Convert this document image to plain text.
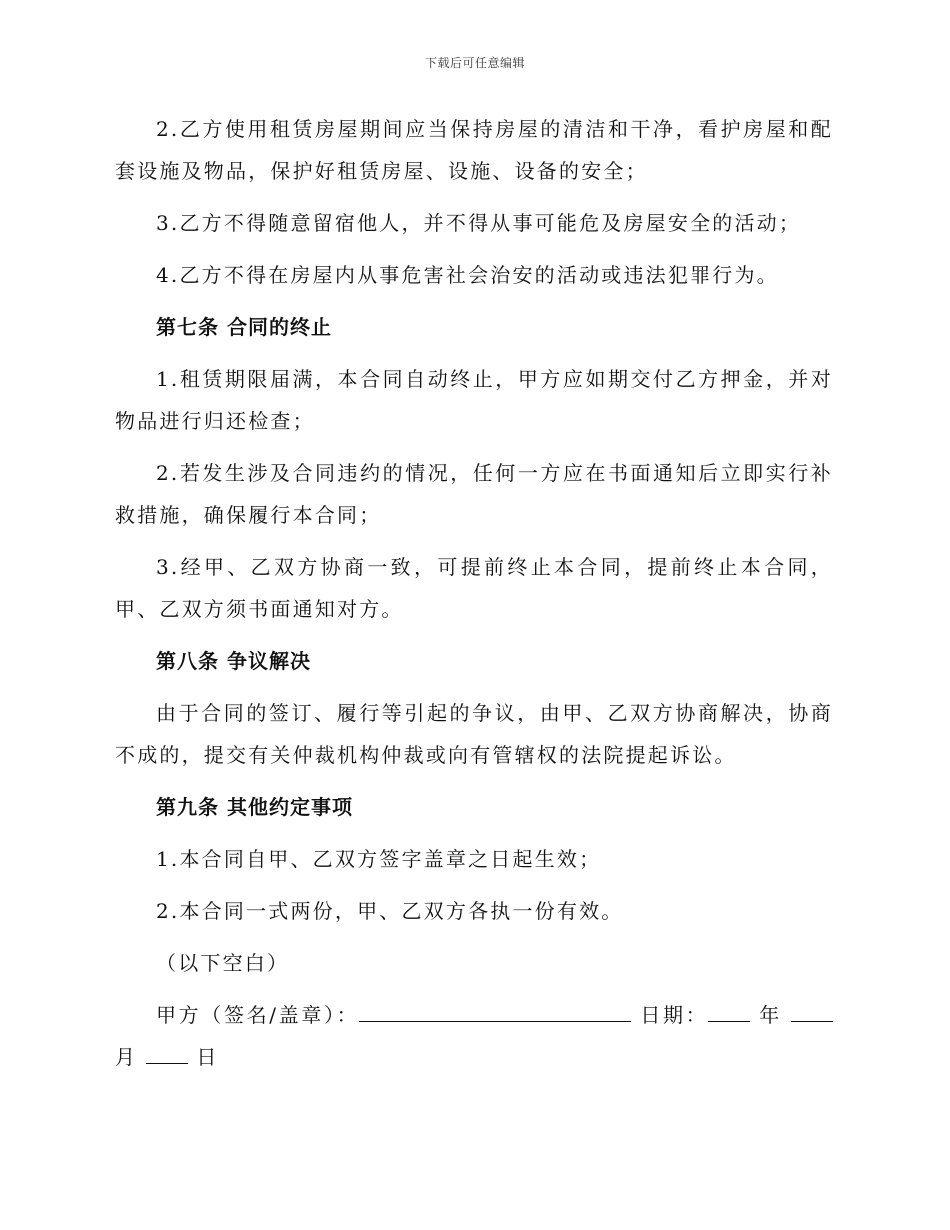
下载后可任意编辑

2.乙方使用租赁房屋期间应当保持房屋的清洁和干净，看护房屋和配套设施及物品，保护好租赁房屋、设施、设备的安全；

3.乙方不得随意留宿他人，并不得从事可能危及房屋安全的活动；

4.乙方不得在房屋内从事危害社会治安的活动或违法犯罪行为。

第七条 合同的终止

1.租赁期限届满，本合同自动终止，甲方应如期交付乙方押金，并对物品进行归还检查；

2.若发生涉及合同违约的情况，任何一方应在书面通知后立即实行补救措施，确保履行本合同；

3.经甲、乙双方协商一致，可提前终止本合同，提前终止本合同，甲、乙双方须书面通知对方。

第八条 争议解决

由于合同的签订、履行等引起的争议，由甲、乙双方协商解决，协商不成的，提交有关仲裁机构仲裁或向有管辖权的法院提起诉讼。

第九条 其他约定事项

1.本合同自甲、乙双方签字盖章之日起生效；

2.本合同一式两份，甲、乙双方各执一份有效。

（以下空白）

甲方（签名/盖章）：	日期：	年 月	日
